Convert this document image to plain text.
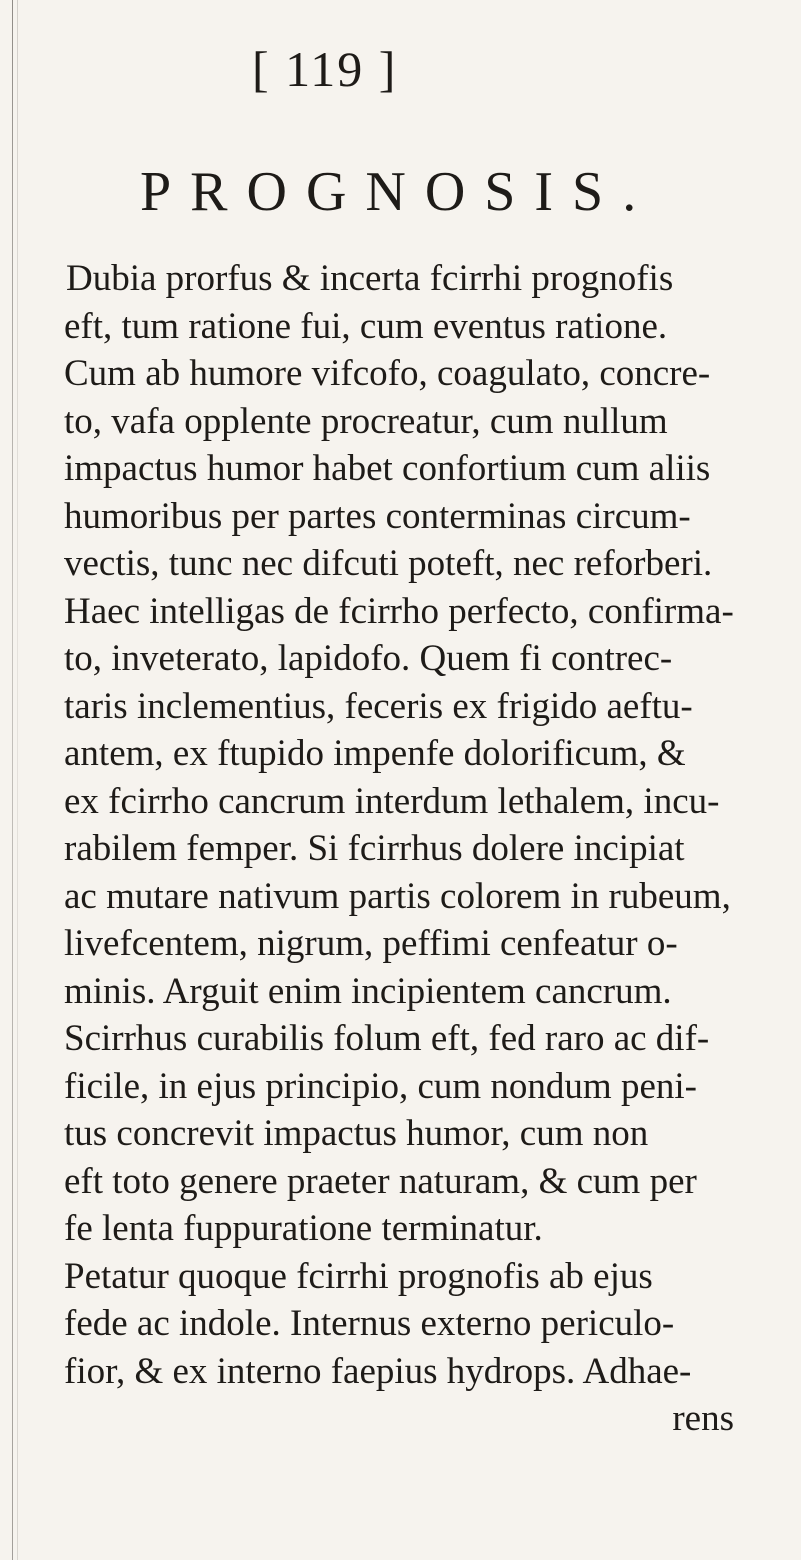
[ 119 ]
PROGNOSIS.
Dubia prorfus & incerta fcirrhi prognofis
eft, tum ratione fui, cum eventus ratione.
Cum ab humore vifcofo, coagulato, concre-
to, vafa opplente procreatur, cum nullum
impactus humor habet confortium cum aliis
humoribus per partes conterminas circum-
vectis, tunc nec difcuti poteft, nec reforberi.
Haec intelligas de fcirrho perfecto, confirma-
to, inveterato, lapidofo. Quem fi contrec-
taris inclementius, feceris ex frigido aeftu-
antem, ex ftupido impenfe dolorificum, &
ex fcirrho cancrum interdum lethalem, incu-
rabilem femper. Si fcirrhus dolere incipiat
ac mutare nativum partis colorem in rubeum,
livefcentem, nigrum, peffimi cenfeatur o-
minis. Arguit enim incipientem cancrum.
Scirrhus curabilis folum eft, fed raro ac dif-
ficile, in ejus principio, cum nondum peni-
tus concrevit impactus humor, cum non
eft toto genere praeter naturam, & cum per
fe lenta fuppuratione terminatur.
Petatur quoque fcirrhi prognofis ab ejus
fede ac indole. Internus externo periculo-
fior, & ex interno faepius hydrops. Adhae-
rens
